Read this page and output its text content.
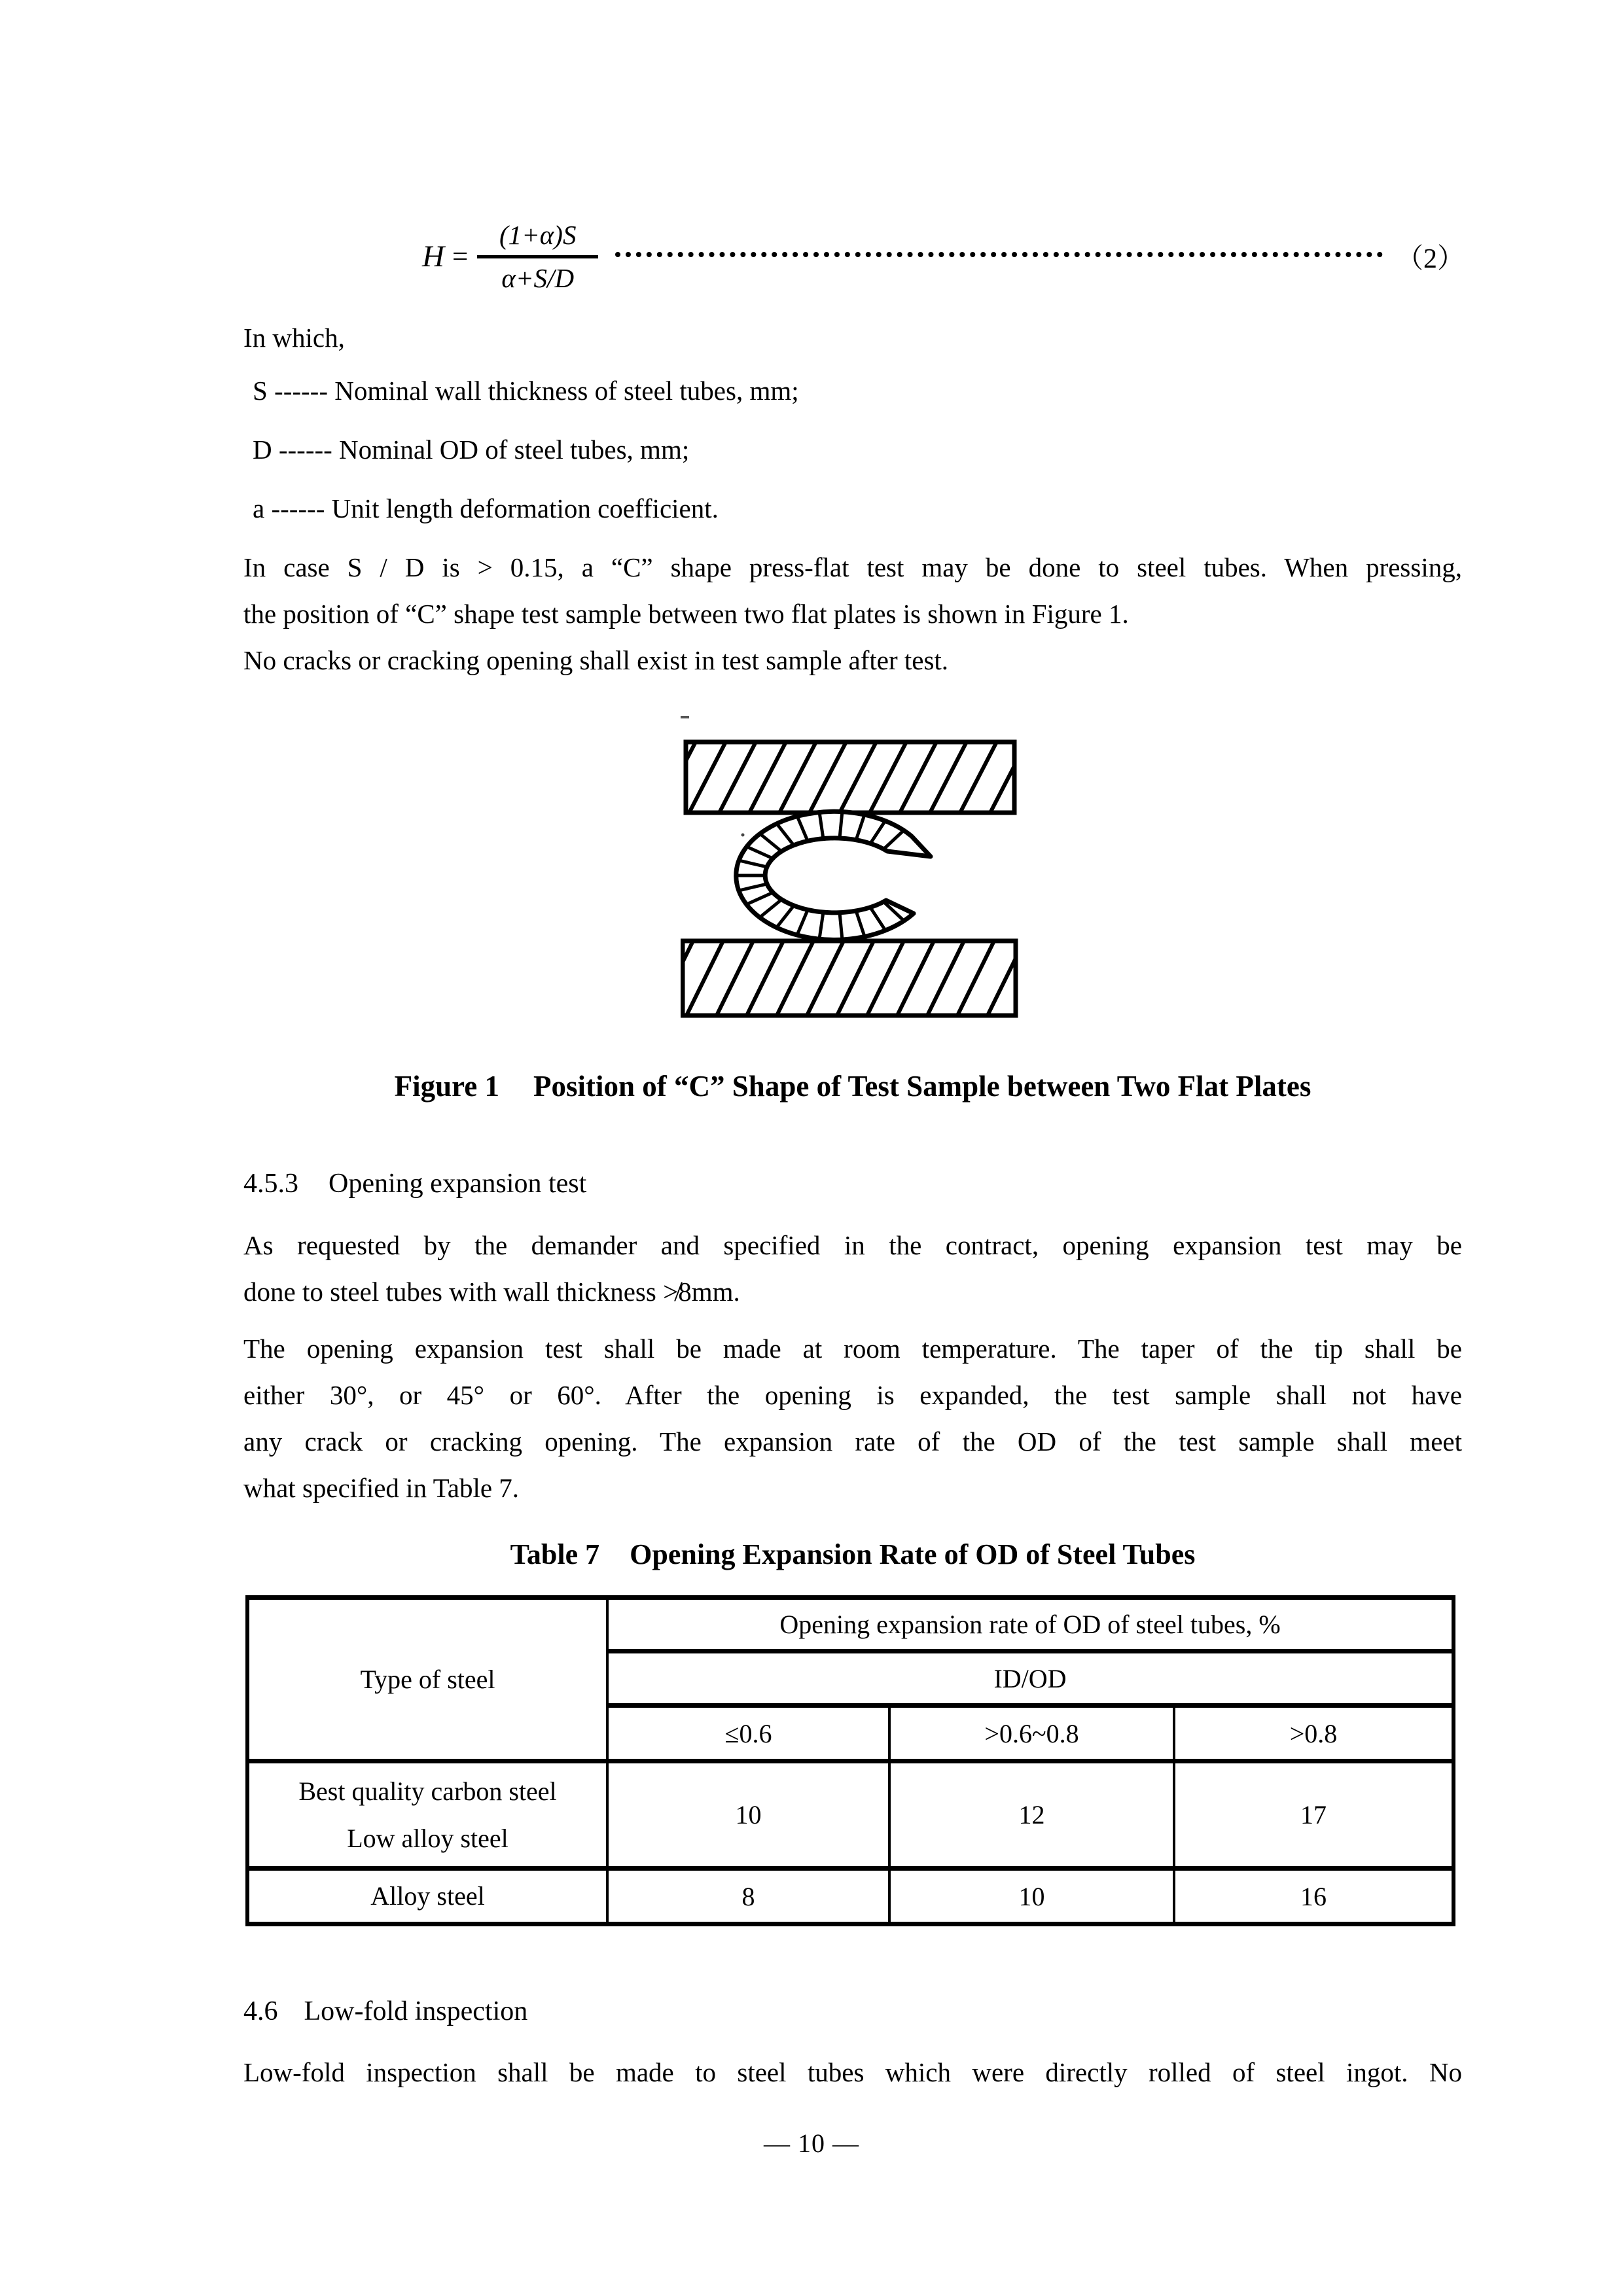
H =
(1+α)S
α+S/D
（2）
In which,
S ------ Nominal wall thickness of steel tubes, mm;
D ------ Nominal OD of steel tubes, mm;
a ------ Unit length deformation coefficient.
In case S / D is > 0.15, a “C” shape press-flat test may be done to steel tubes. When pressing,
the position of “C” shape test sample between two flat plates is shown in Figure 1.
No cracks or cracking opening shall exist in test sample after test.
Figure 1 Position of “C” Shape of Test Sample between Two Flat Plates
4.5.3 Opening expansion test
As requested by the demander and specified in the contract, opening expansion test may be
done to steel tubes with wall thickness ≯8mm.
The opening expansion test shall be made at room temperature. The taper of the tip shall be
either 30°, or 45° or 60°. After the opening is expanded, the test sample shall not have
any crack or cracking opening. The expansion rate of the OD of the test sample shall meet
what specified in Table 7.
Table 7 Opening Expansion Rate of OD of Steel Tubes
Type of steel	Opening expansion rate of OD of steel tubes, %		
	ID/OD		
	≤0.6	>0.6~0.8	>0.8

Best quality carbon steel
Low alloy steel	10	12	17

Alloy steel	8	10	16
4.6 Low-fold inspection
Low-fold inspection shall be made to steel tubes which were directly rolled of steel ingot. No
— 10 —
